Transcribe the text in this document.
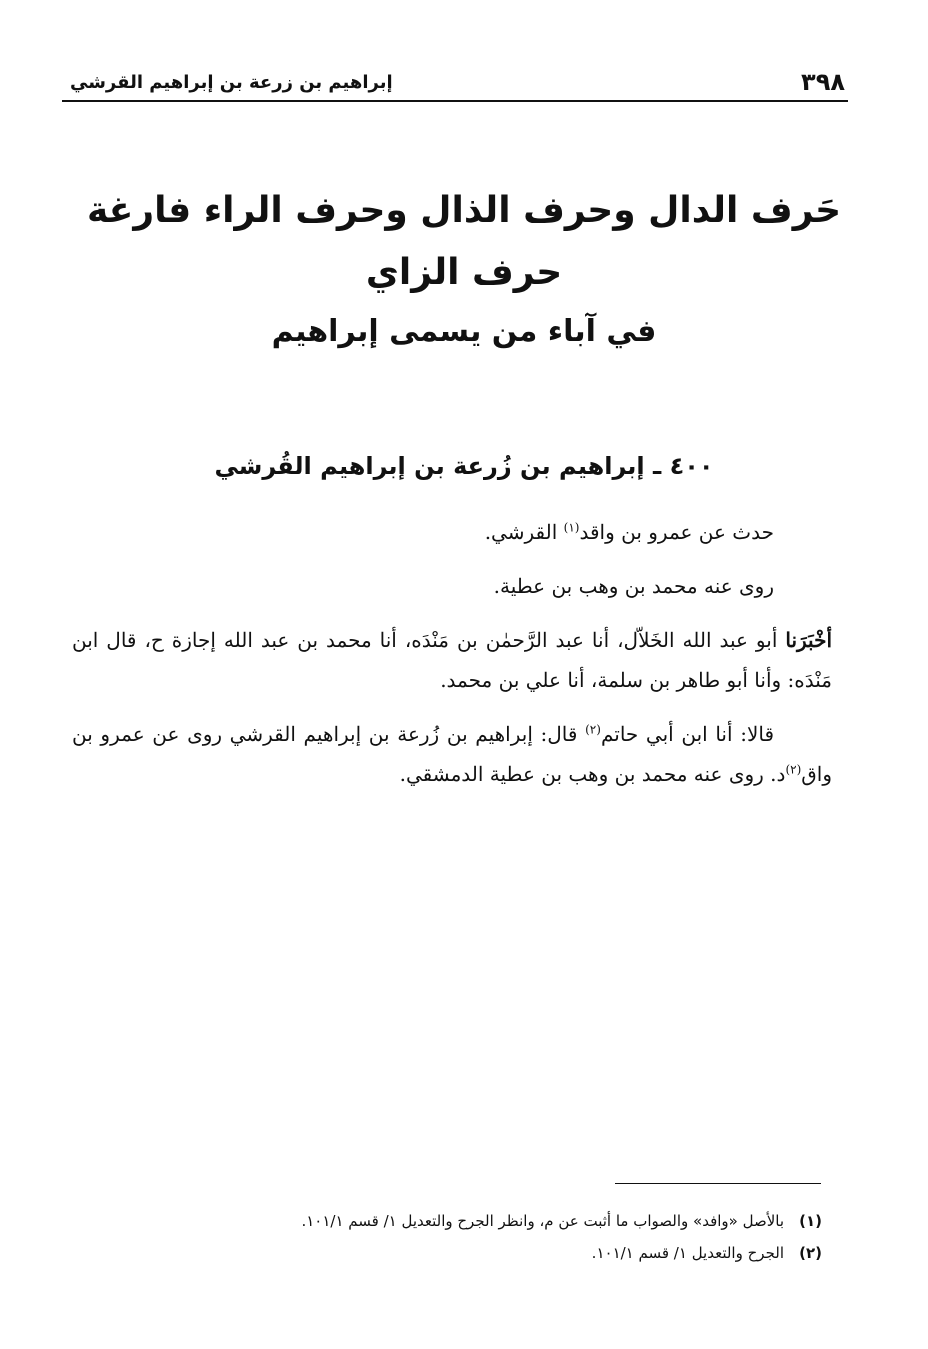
٣٩٨
إبراهيم بن زرعة بن إبراهيم القرشي
حَرف الدال وحرف الذال وحرف الراء فارغة
حرف الزاي
في آباء من يسمى إبراهيم
٤٠٠ ـ إبراهيم بن زُرعة بن إبراهيم القُرشي

حدث عن عمرو بن واقد$^{(١)}$ القرشي.

روى عنه محمد بن وهب بن عطية.

أخْبَرَنا أبو عبد الله الخَلاّل، أنا عبد الرَّحمٰن بن مَنْدَه، أنا محمد بن عبد الله إجازة ح، قال ابن مَنْدَه: وأنا أبو طاهر بن سلمة، أنا علي بن محمد.

قالا: أنا ابن أبي حاتم$^{(٢)}$ قال: إبراهيم بن زُرعة بن إبراهيم القرشي روى عن عمرو بن واق$^{(٢)}$د. روى عنه محمد بن وهب بن عطية الدمشقي.

(١)بالأصل «وافد» والصواب ما أثبت عن م، وانظر الجرح والتعديل ١/ قسم ١٠١/١.
(٢)الجرح والتعديل ١/ قسم ١٠١/١.
